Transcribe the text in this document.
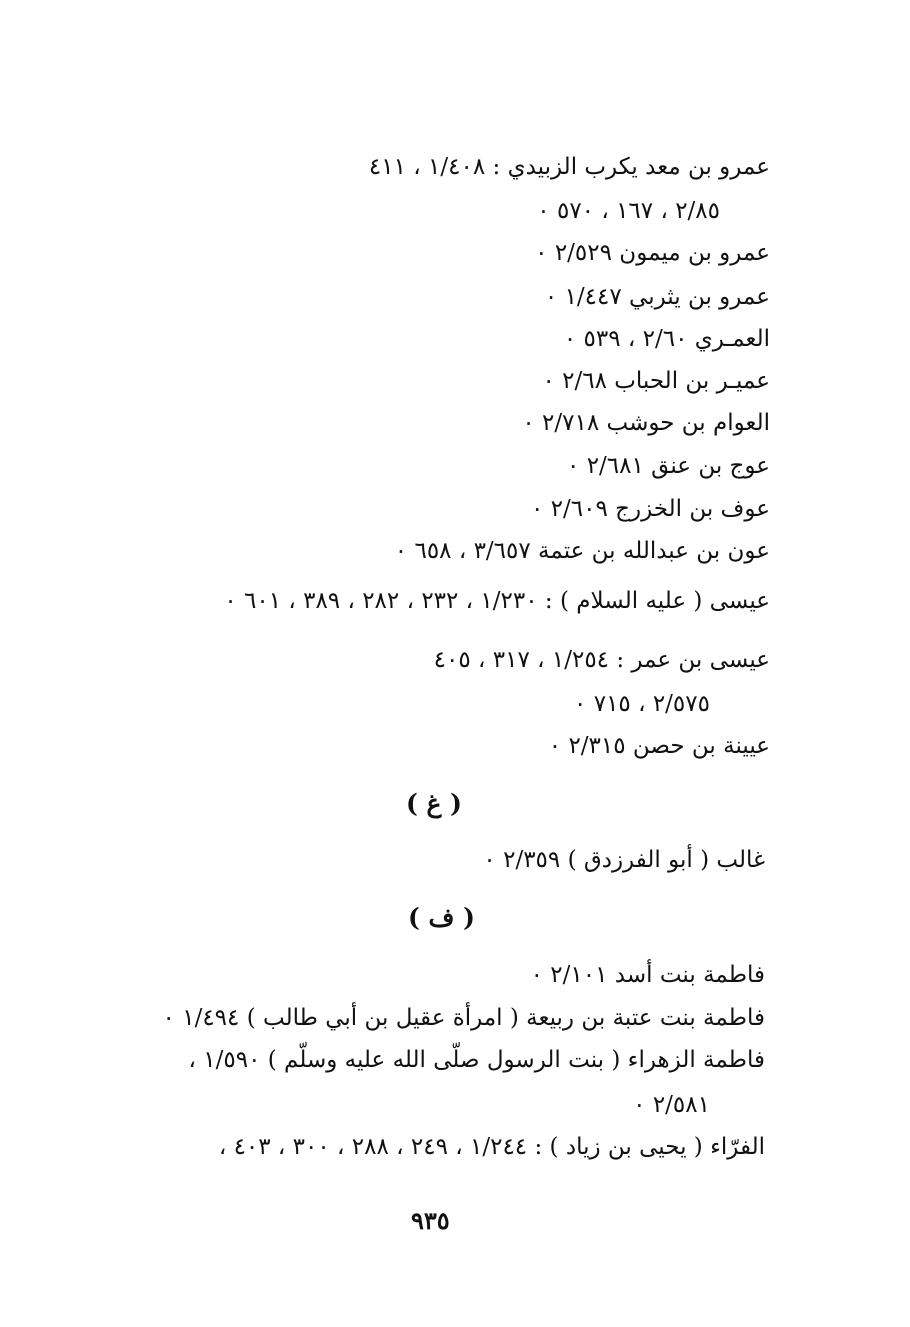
عمرو بن معد يكرب الزبيدي : ١/٤٠٨ ، ٤١١
٢/٨٥ ، ١٦٧ ، ٥٧٠ ٠
عمرو بن ميمون ٢/٥٢٩ ٠
عمرو بن يثربي ١/٤٤٧ ٠
العمـري ٢/٦٠ ، ٥٣٩ ٠
عميـر بن الحباب ٢/٦٨ ٠
العوام بن حوشب ٢/٧١٨ ٠
عوج بن عنق ٢/٦٨١ ٠
عوف بن الخزرج ٢/٦٠٩ ٠
عون بن عبدالله بن عتمة ٣/٦٥٧ ، ٦٥٨ ٠
عيسى ( عليه السلام ) : ١/٢٣٠ ، ٢٣٢ ، ٢٨٢ ، ٣٨٩ ، ٦٠١ ٠
عيسى بن عمر : ١/٢٥٤ ، ٣١٧ ، ٤٠٥
٢/٥٧٥ ، ٧١٥ ٠
عيينة بن حصن ٢/٣١٥ ٠
( غ )
غالب ( أبو الفرزدق ) ٢/٣٥٩ ٠
( ف )
فاطمة بنت أسد ٢/١٠١ ٠
فاطمة بنت عتبة بن ربيعة ( امرأة عقيل بن أبي طالب ) ١/٤٩٤ ٠
فاطمة الزهراء ( بنت الرسول صلّى الله عليه وسلّم ) ١/٥٩٠ ،
٢/٥٨١ ٠
الفرّاء ( يحيى بن زياد ) : ١/٢٤٤ ، ٢٤٩ ، ٢٨٨ ، ٣٠٠ ، ٤٠٣ ،
٩٣٥
